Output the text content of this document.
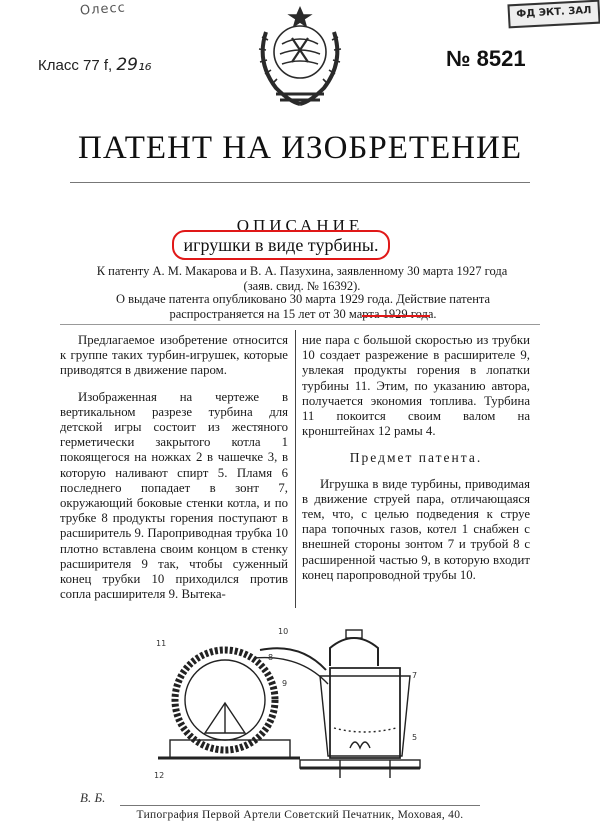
Олесс	ФД ЭКТ. ЗАЛ
Класс 77 f, 29₁₆	№ 8521
ПАТЕНТ НА ИЗОБРЕТЕНИЕ
ОПИСАНИЕ
игрушки в виде турбины.
К патенту А. М. Макарова и В. А. Пазухина, заявленному 30 марта 1927 года (заяв. свид. № 16392).
О выдаче патента опубликовано 30 марта 1929 года. Действие патента распространяется на 15 лет от 30 марта 1929 года.

Предлагаемое изобретение относится к группе таких турбин-игрушек, которые приводятся в движение паром.

Изображенная на чертеже в вертикальном разрезе турбина для детской игры состоит из жестяного герметически закрытого котла 1 покоящегося на ножках 2 в чашечке 3, в которую наливают спирт 5. Пламя 6 последнего попадает в зонт 7, окружающий боковые стенки котла, и по трубке 8 продукты горения поступают в расширитель 9. Пароприводная трубка 10 плотно вставлена своим концом в стенку расширителя 9 так, чтобы суженный конец трубки 10 приходился против сопла расширителя 9. Вытека-

ние пара с большой скоростью из трубки 10 создает разрежение в расширителе 9, увлекая продукты горения в лопатки турбины 11. Этим, по указанию автора, получается экономия топлива. Турбина 11 покоится своим валом на кронштейнах 12 рамы 4.

Предмет патента.

Игрушка в виде турбины, приводимая в движение струей пара, отличающаяся тем, что, с целью подведения к струе пара топочных газов, котел 1 снабжен с внешней стороны зонтом 7 и трубой 8 с расширенной частью 9, в которую входит конец паропроводной трубы 10.

11
10
8
7
5
12
9
В. Б.
Типография Первой Артели Советский Печатник, Моховая, 40.
